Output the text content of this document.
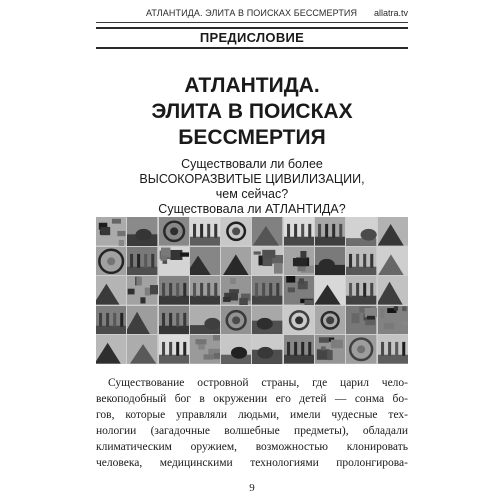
АТЛАНТИДА. ЭЛИТА В ПОИСКАХ БЕССМЕРТИЯ allatra.tv
ПРЕДИСЛОВИЕ
АТЛАНТИДА.
ЭЛИТА В ПОИСКАХ
БЕССМЕРТИЯ
Существовали ли более
ВЫСОКОРАЗВИТЫЕ ЦИВИЛИЗАЦИИ,
чем сейчас?
Существовала ли АТЛАНТИДА?
Существование островной страны, где царил чело-
векоподобный бог в окружении его детей — сонма бо-
гов, которые управляли людьми, имели чудесные тех-
нологии (загадочные волшебные предметы), обладали
климатическим оружием, возможностью клонировать
человека, медицинскими технологиями пролонгирова-
9
